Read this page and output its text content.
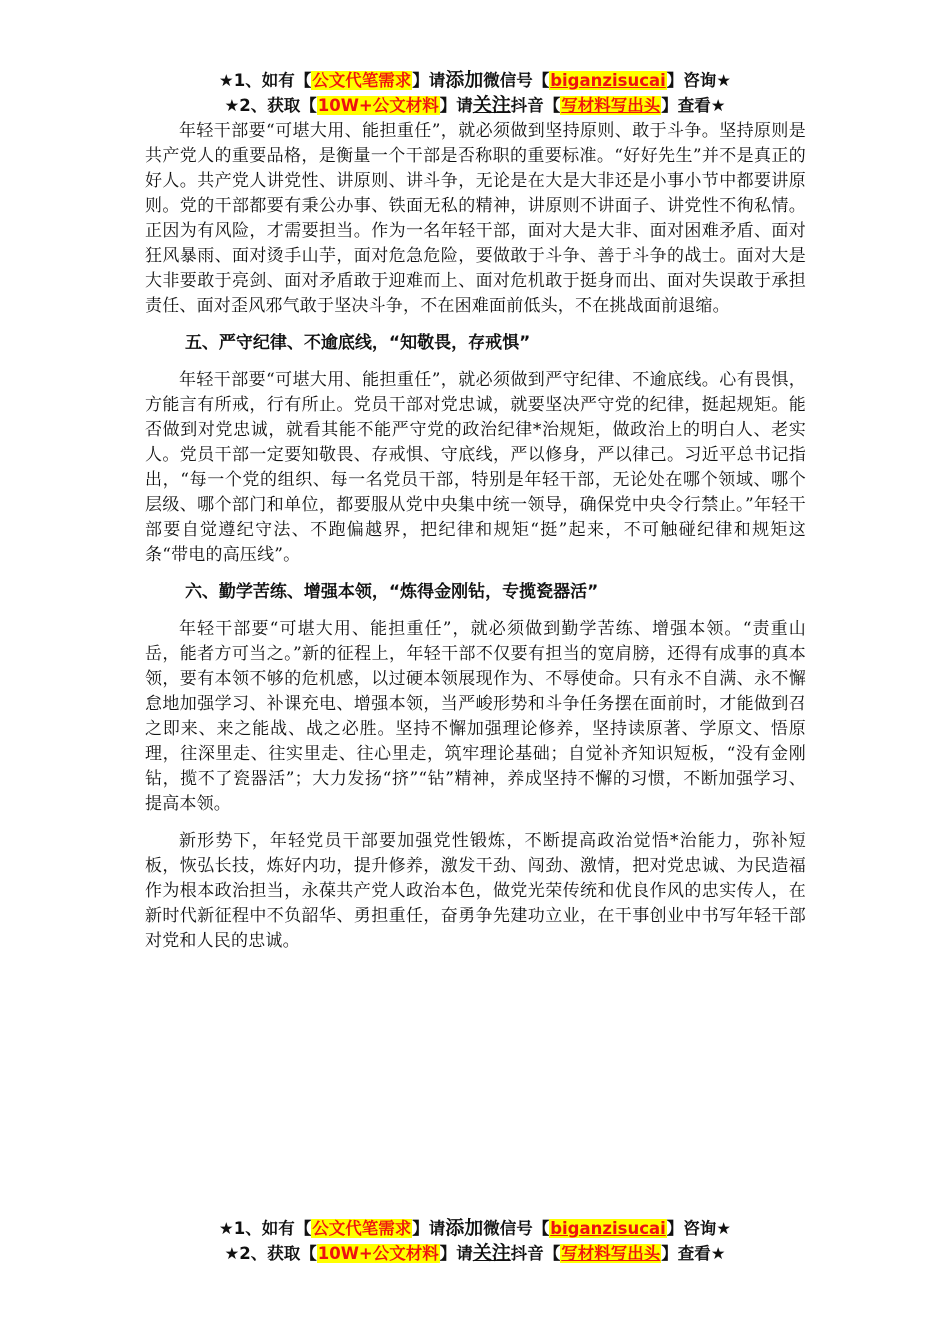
★1、如有【公文代笔需求】请添加微信号【biganzisucai】咨询★
★2、获取【10W+公文材料】请关注抖音【写材料写出头】查看★

年轻干部要“可堪大用、能担重任”，就必须做到坚持原则、敢于斗争。坚持原则是共产党人的重要品格，是衡量一个干部是否称职的重要标准。“好好先生”并不是真正的好人。共产党人讲党性、讲原则、讲斗争，无论是在大是大非还是小事小节中都要讲原则。党的干部都要有秉公办事、铁面无私的精神，讲原则不讲面子、讲党性不徇私情。正因为有风险，才需要担当。作为一名年轻干部，面对大是大非、面对困难矛盾、面对狂风暴雨、面对烫手山芋，面对危急危险，要做敢于斗争、善于斗争的战士。面对大是大非要敢于亮剑、面对矛盾敢于迎难而上、面对危机敢于挺身而出、面对失误敢于承担责任、面对歪风邪气敢于坚决斗争，不在困难面前低头，不在挑战面前退缩。

五、严守纪律、不逾底线，“知敬畏，存戒惧”

年轻干部要“可堪大用、能担重任”，就必须做到严守纪律、不逾底线。心有畏惧，方能言有所戒，行有所止。党员干部对党忠诚，就要坚决严守党的纪律，挺起规矩。能否做到对党忠诚，就看其能不能严守党的政治纪律*治规矩，做政治上的明白人、老实人。党员干部一定要知敬畏、存戒惧、守底线，严以修身，严以律己。习近平总书记指出，“每一个党的组织、每一名党员干部，特别是年轻干部，无论处在哪个领域、哪个层级、哪个部门和单位，都要服从党中央集中统一领导，确保党中央令行禁止。”年轻干部要自觉遵纪守法、不跑偏越界，把纪律和规矩“挺”起来，不可触碰纪律和规矩这条“带电的高压线”。

六、勤学苦练、增强本领，“炼得金刚钻，专揽瓷器活”

年轻干部要“可堪大用、能担重任”，就必须做到勤学苦练、增强本领。“责重山岳，能者方可当之。”新的征程上，年轻干部不仅要有担当的宽肩膀，还得有成事的真本领，要有本领不够的危机感，以过硬本领展现作为、不辱使命。只有永不自满、永不懈怠地加强学习、补课充电、增强本领，当严峻形势和斗争任务摆在面前时，才能做到召之即来、来之能战、战之必胜。坚持不懈加强理论修养，坚持读原著、学原文、悟原理，往深里走、往实里走、往心里走，筑牢理论基础；自觉补齐知识短板，“没有金刚钻，揽不了瓷器活”；大力发扬“挤”“钻”精神，养成坚持不懈的习惯，不断加强学习、提高本领。

新形势下，年轻党员干部要加强党性锻炼，不断提高政治觉悟*治能力，弥补短板，恢弘长技，炼好内功，提升修养，激发干劲、闯劲、激情，把对党忠诚、为民造福作为根本政治担当，永葆共产党人政治本色，做党光荣传统和优良作风的忠实传人，在新时代新征程中不负韶华、勇担重任，奋勇争先建功立业，在干事创业中书写年轻干部对党和人民的忠诚。

★1、如有【公文代笔需求】请添加微信号【biganzisucai】咨询★
★2、获取【10W+公文材料】请关注抖音【写材料写出头】查看★
